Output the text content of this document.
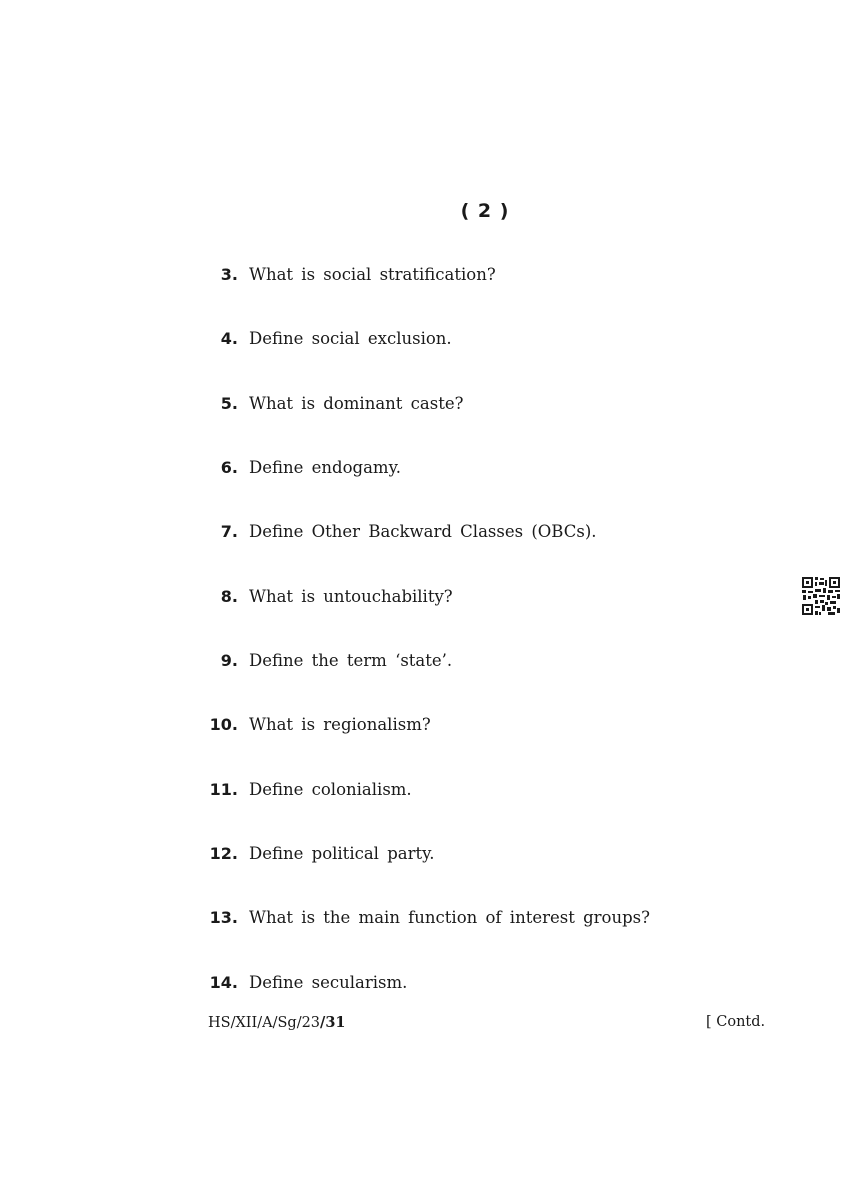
( 2 )
3. What is social stratification?
4. Define social exclusion.
5. What is dominant caste?
6. Define endogamy.
7. Define Other Backward Classes (OBCs).
8. What is untouchability?
9. Define the term ‘state’.
10. What is regionalism?
11. Define colonialism.
12. Define political party.
13. What is the main function of interest groups?
14. Define secularism.
HS/XII/A/Sg/23/31	[ Contd.
